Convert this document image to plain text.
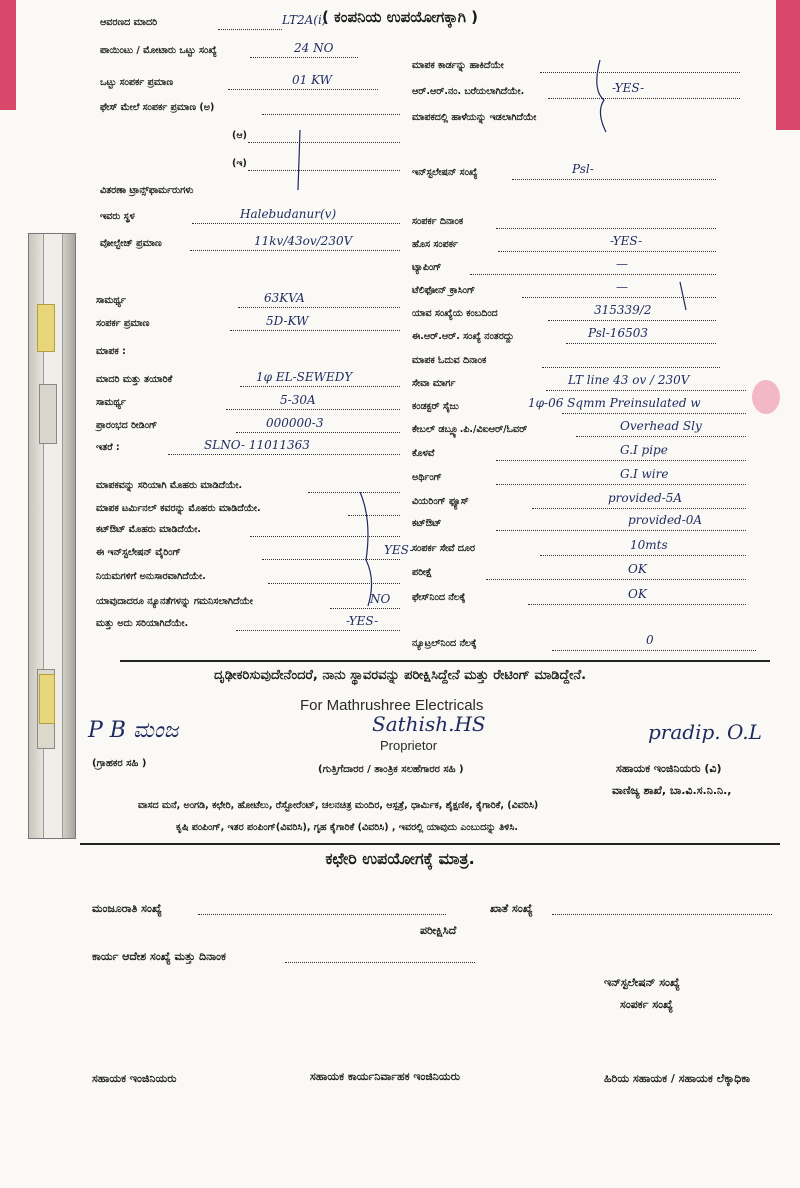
( ಕಂಪನಿಯ ಉಪಯೋಗಕ್ಕಾಗಿ )
ದೃಢೀಕರಿಸುವುದೇನೆಂದರೆ, ನಾನು ಸ್ಥಾವರವನ್ನು ಪರೀಕ್ಷಿಸಿದ್ದೇನೆ ಮತ್ತು ರೇಟಿಂಗ್ ಮಾಡಿದ್ದೇನೆ.
For Mathrushree Electricals
Proprietor
P B ಮಂಜ	Sathish.HS	pradip. O.L
(ಗ್ರಾಹಕರ ಸಹಿ )
(ಗುತ್ತಿಗೆದಾರರ / ತಾಂತ್ರಿಕ ಸಲಹೆಗಾರರ ಸಹಿ )	ಸಹಾಯಕ ಇಂಜಿನಿಯರು (ವಿ)
ವಾಣಿಜ್ಯ ಶಾಖೆ, ಬಾ.ವಿ.ಸ.ನಿ.ನಿ.,
ವಾಸದ ಮನೆ, ಅಂಗಡಿ, ಕಛೇರಿ, ಹೋಟೆಲು, ರೆಸ್ಟೋರೆಂಟ್, ಚಲನಚಿತ್ರ ಮಂದಿರ, ಆಸ್ಪತ್ರೆ, ಧಾರ್ಮಿಕ, ಶೈಕ್ಷಣಿಕ, ಕೈಗಾರಿಕೆ, (ವಿವರಿಸಿ)
ಕೃಷಿ ಪಂಪಿಂಗ್, ಇತರ ಪಂಪಿಂಗ್(ವಿವರಿಸಿ), ಗೃಹ ಕೈಗಾರಿಕೆ (ವಿವರಿಸಿ) , ಇವರಲ್ಲಿ ಯಾವುದು ಎಂಬುದನ್ನು ತಿಳಿಸಿ.
ಕಛೇರಿ ಉಪಯೋಗಕ್ಕೆ ಮಾತ್ರ.
ಮಂಜೂರಾತಿ ಸಂಖ್ಯೆ	ಖಾತೆ ಸಂಖ್ಯೆ
ಪರೀಕ್ಷಿಸಿದೆ
ಕಾರ್ಯ ಆದೇಶ ಸಂಖ್ಯೆ ಮತ್ತು ದಿನಾಂಕ
ಇನ್‌ಸ್ಟಲೇಷನ್ ಸಂಖ್ಯೆ
ಸಂಪರ್ಕ ಸಂಖ್ಯೆ
ಸಹಾಯಕ ಇಂಜಿನಿಯರು	ಸಹಾಯಕ ಕಾರ್ಯನಿರ್ವಾಹಕ ಇಂಜಿನಿಯರು	ಹಿರಿಯ ಸಹಾಯಕ / ಸಹಾಯಕ ಲೆಕ್ಕಾಧಿಕಾ
ಆವರಣದ ಮಾದರಿ	LT2A(i)
ಪಾಯಿಂಟು / ಮೋಟಾರು ಒಟ್ಟು ಸಂಖ್ಯೆ	24 NO
ಒಟ್ಟು ಸಂಪರ್ಕ ಪ್ರಮಾಣ	01 KW
ಫೇಸ್ ಮೇಲೆ ಸಂಪರ್ಕ ಪ್ರಮಾಣ (ಅ)
(ಆ)
(ಇ)
ವಿತರಣಾ ಟ್ರಾನ್ಸ್‌ಫಾರ್ಮರುಗಳು
ಇವರು ಸ್ಥಳ	Halebudanur(v)
ವೋಲ್ಟೇಜ್ ಪ್ರಮಾಣ	11kv/43ov/230V
ಸಾಮರ್ಥ್ಯ	63KVA
ಸಂಪರ್ಕ ಪ್ರಮಾಣ	5D-KW
ಮಾಪಕ :
ಮಾದರಿ ಮತ್ತು ತಯಾರಿಕೆ	1φ EL-SEWEDY
ಸಾಮರ್ಥ್ಯ	5-30A
ಪ್ರಾರಂಭದ ರೀಡಿಂಗ್	000000-3
ಇತರೆ :	SLNO- 11011363
ಮಾಪಕವನ್ನು ಸರಿಯಾಗಿ ಮೊಹರು ಮಾಡಿದೆಯೇ.
ಮಾಪಕ ಟರ್ಮಿನಲ್ ಕವರನ್ನು ಮೊಹರು ಮಾಡಿದೆಯೇ.
ಕಟ್‌ಔಟ್ ಮೊಹರು ಮಾಡಿದೆಯೇ.
ಈ ಇನ್‌ಸ್ಟಲೇಷನ್ ವೈರಿಂಗ್	YES-
ನಿಯಮಗಳಿಗೆ ಅನುಸಾರವಾಗಿದೆಯೇ.
ಯಾವುದಾದರೂ ನ್ಯೂನತೆಗಳನ್ನು ಗಮನಿಸಲಾಗಿದೆಯೇ	NO
ಮತ್ತು ಅದು ಸರಿಯಾಗಿದೆಯೇ.	-YES-
ಮಾಪಕ ಕಾರ್ಡನ್ನು ಹಾಕಿದೆಯೇ
ಆರ್.ಆರ್.ನಂ. ಬರೆಯಲಾಗಿದೆಯೇ.	-YES-
ಮಾಪಕದಲ್ಲಿ ಹಾಳೆಯನ್ನು ಇಡಲಾಗಿದೆಯೇ
ಇನ್‌ಸ್ಟಲೇಷನ್ ಸಂಖ್ಯೆ	Psl-
ಸಂಪರ್ಕ ದಿನಾಂಕ
ಹೊಸ ಸಂಪರ್ಕ	-YES-
ಟ್ಯಾಪಿಂಗ್	—
ಟೆಲಿಫೋನ್ ಕ್ರಾಸಿಂಗ್	—
ಯಾವ ಸಂಖ್ಯೆಯ ಕಂಬದಿಂದ	315339/2
ಈ.ಆರ್.ಆರ್. ಸಂಖ್ಯೆ ನಂತರದ್ದು	Psl-16503
ಮಾಪಕ ಓದುವ ದಿನಾಂಕ
ಸೇವಾ ಮಾರ್ಗ	LT line 43 ov / 230V
ಕಂಡಕ್ಟರ್ ಸೈಜು	1φ-06 Sqmm Preinsulated w
ಕೇಬಲ್ ಡಬ್ಲ್ಯೂ.ಪಿ./ವಿಐಆರ್/ಓವರ್	Overhead Sly
ಕೊಳವೆ	G.I pipe
ಅರ್ಥಿಂಗ್	G.I wire
ವಿಯರಿಂಗ್ ಫ್ಯೂಸ್	provided-5A
ಕಟ್‌ಔಟ್	provided-0A
ಸಂಪರ್ಕ ಸೇವೆ ದೂರ	10mts
ಪರೀಕ್ಷೆ	OK
ಫೇಸ್‌ನಿಂದ ನೆಲಕ್ಕೆ	OK
ನ್ಯೂಟ್ರಲ್‌ನಿಂದ ನೆಲಕ್ಕೆ	0
